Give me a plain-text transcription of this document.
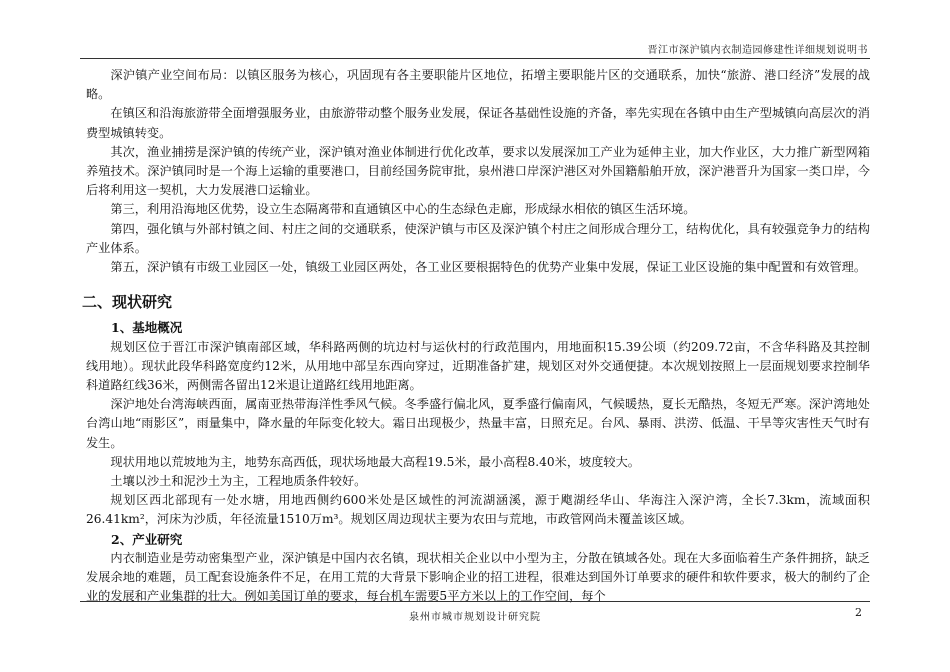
晋江市深沪镇内衣制造园修建性详细规划说明书

深沪镇产业空间布局：以镇区服务为核心，巩固现有各主要职能片区地位，拓增主要职能片区的交通联系，加快“旅游、港口经济”发展的战略。

在镇区和沿海旅游带全面增强服务业，由旅游带动整个服务业发展，保证各基础性设施的齐备，率先实现在各镇中由生产型城镇向高层次的消费型城镇转变。

其次，渔业捕捞是深沪镇的传统产业，深沪镇对渔业体制进行优化改革，要求以发展深加工产业为延伸主业，加大作业区，大力推广新型网箱养殖技术。深沪镇同时是一个海上运输的重要港口，目前经国务院审批，泉州港口岸深沪港区对外国籍船舶开放，深沪港晋升为国家一类口岸，今后将利用这一契机，大力发展港口运输业。

第三，利用沿海地区优势，设立生态隔离带和直通镇区中心的生态绿色走廊，形成绿水相依的镇区生活环境。

第四，强化镇与外部村镇之间、村庄之间的交通联系，使深沪镇与市区及深沪镇个村庄之间形成合理分工，结构优化，具有较强竞争力的结构产业体系。

第五，深沪镇有市级工业园区一处，镇级工业园区两处，各工业区要根据特色的优势产业集中发展，保证工业区设施的集中配置和有效管理。

二、现状研究
1、基地概况

规划区位于晋江市深沪镇南部区域，华科路两侧的坑边村与运伙村的行政范围内，用地面积15.39公顷（约209.72亩，不含华科路及其控制线用地）。现状此段华科路宽度约12米，从用地中部呈东西向穿过，近期准备扩建，规划区对外交通便捷。本次规划按照上一层面规划要求控制华科道路红线36米，两侧需各留出12米退让道路红线用地距离。

深沪地处台湾海峡西面，属南亚热带海洋性季风气候。冬季盛行偏北风，夏季盛行偏南风，气候暖热，夏长无酷热，冬短无严寒。深沪湾地处台湾山地“雨影区”，雨量集中，降水量的年际变化较大。霜日出现极少，热量丰富，日照充足。台风、暴雨、洪涝、低温、干旱等灾害性天气时有发生。

现状用地以荒坡地为主，地势东高西低，现状场地最大高程19.5米，最小高程8.40米，坡度较大。

土壤以沙土和泥沙土为主，工程地质条件较好。

规划区西北部现有一处水塘，用地西侧约600米处是区域性的河流湖涵溪，源于飑湖经华山、华海注入深沪湾，全长7.3km，流域面积26.41km²，河床为沙质，年径流量1510万m³。规划区周边现状主要为农田与荒地，市政管网尚未覆盖该区域。

2、产业研究

内衣制造业是劳动密集型产业，深沪镇是中国内衣名镇，现状相关企业以中小型为主，分散在镇域各处。现在大多面临着生产条件拥挤，缺乏发展余地的难题，员工配套设施条件不足，在用工荒的大背景下影响企业的招工进程，很难达到国外订单要求的硬件和软件要求，极大的制约了企业的发展和产业集群的壮大。例如美国订单的要求，每台机车需要5平方米以上的工作空间，每个

泉州市城市规划设计研究院	2
